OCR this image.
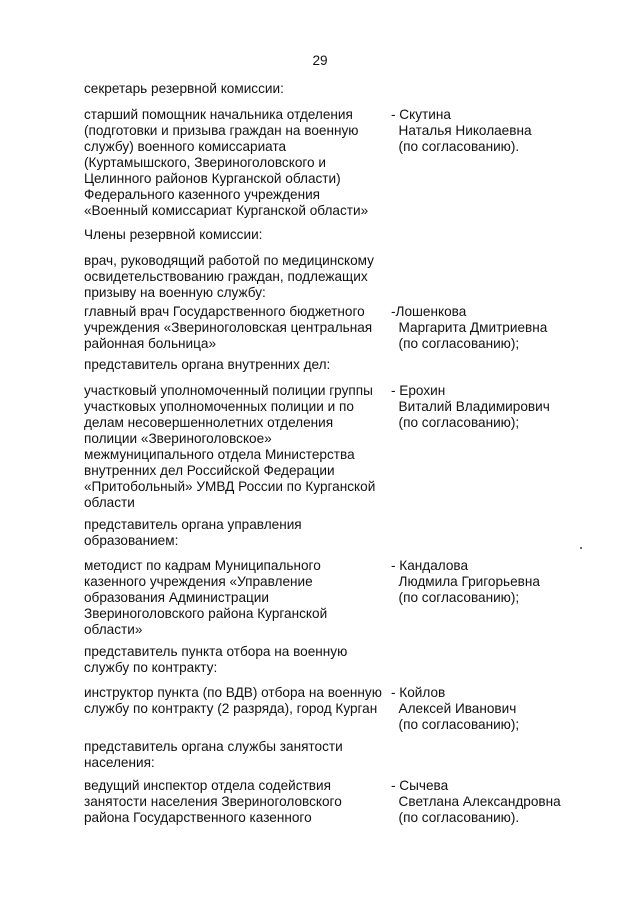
29
секретарь резервной комиссии:
старший помощник начальника отделения
(подготовки и призыва граждан на военную
службу) военного комиссариата
(Куртамышского, Звериноголовского и
Целинного районов Курганской области)
Федерального казенного учреждения
«Военный комиссариат Курганской области»
- Скутина
Наталья Николаевна
(по согласованию).
Члены резервной комиссии:
врач, руководящий работой по медицинскому
освидетельствованию граждан, подлежащих
призыву на военную службу:
главный врач Государственного бюджетного
учреждения «Звериноголовская центральная
районная больница»
-Лошенкова
Маргарита Дмитриевна
(по согласованию);
представитель органа внутренних дел:
участковый уполномоченный полиции группы
участковых уполномоченных полиции и по
делам несовершеннолетних отделения
полиции «Звериноголовское»
межмуниципального отдела Министерства
внутренних дел Российской Федерации
«Притобольный» УМВД России по Курганской
области
- Ерохин
Виталий Владимирович
(по согласованию);
представитель органа управления
образованием:
методист по кадрам Муниципального
казенного учреждения «Управление
образования Администрации
Звериноголовского района Курганской
области»
- Кандалова
Людмила Григорьевна
(по согласованию);
представитель пункта отбора на военную
службу по контракту:
инструктор пункта (по ВДВ) отбора на военную
службу по контракту (2 разряда), город Курган
- Койлов
Алексей Иванович
(по согласованию);
представитель органа службы занятости
населения:
ведущий инспектор отдела содействия
занятости населения Звериноголовского
района Государственного казенного
- Сычева
Светлана Александровна
(по согласованию).
